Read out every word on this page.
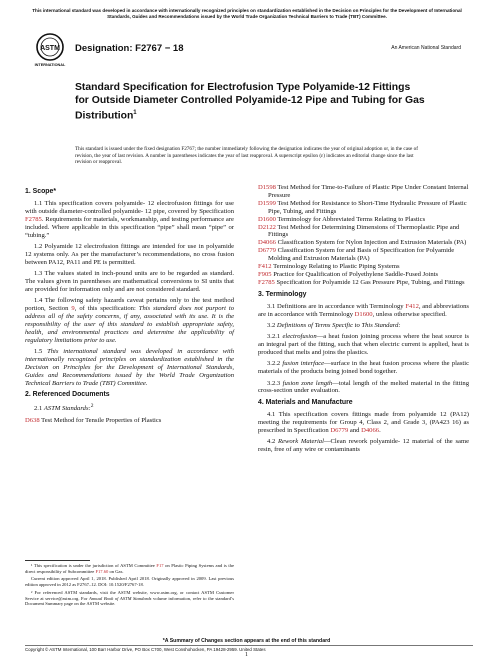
This international standard was developed in accordance with internationally recognized principles on standardization established in the Decision on Principles for the Development of International Standards, Guides and Recommendations issued by the World Trade Organization Technical Barriers to Trade (TBT) Committee.
ASTM
INTERNATIONAL
Designation: F2767 − 18	An American National Standard
Standard Specification for Electrofusion Type Polyamide-12 Fittings for Outside Diameter Controlled Polyamide-12 Pipe and Tubing for Gas Distribution$^1$
This standard is issued under the fixed designation F2767; the number immediately following the designation indicates the year of original adoption or, in the case of revision, the year of last revision. A number in parentheses indicates the year of last reapproval. A superscript epsilon (ε) indicates an editorial change since the last revision or reapproval.
1. Scope*

1.1 This specification covers polyamide- 12 electrofusion fittings for use with outside diameter-controlled polyamide- 12 pipe, covered by Specification F2785. Requirements for materials, workmanship, and testing performance are included. Where applicable in this specification “pipe” shall mean “pipe” or “tubing.”

1.2 Polyamide 12 electrofusion fittings are intended for use in polyamide 12 systems only. As per the manufacturer’s recommendations, no cross fusion between PA12, PA11 and PE is permitted.

1.3 The values stated in inch-pound units are to be regarded as standard. The values given in parentheses are mathematical conversions to SI units that are provided for information only and are not considered standard.

1.4 The following safety hazards caveat pertains only to the test method portion, Section 9, of this specification: This standard does not purport to address all of the safety concerns, if any, associated with its use. It is the responsibility of the user of this standard to establish appropriate safety, health, and environmental practices and determine the applicability of regulatory limitations prior to use.

1.5 This international standard was developed in accordance with internationally recognized principles on standardization established in the Decision on Principles for the Development of International Standards, Guides and Recommendations issued by the World Trade Organization Technical Barriers to Trade (TBT) Committee.

2. Referenced Documents

2.1 ASTM Standards:$^2$

D638 Test Method for Tensile Properties of Plastics

D1598 Test Method for Time-to-Failure of Plastic Pipe Under Constant Internal Pressure

D1599 Test Method for Resistance to Short-Time Hydraulic Pressure of Plastic Pipe, Tubing, and Fittings

D1600 Terminology for Abbreviated Terms Relating to Plastics

D2122 Test Method for Determining Dimensions of Thermoplastic Pipe and Fittings

D4066 Classification System for Nylon Injection and Extrusion Materials (PA)

D6779 Classification System for and Basis of Specification for Polyamide Molding and Extrusion Materials (PA)

F412 Terminology Relating to Plastic Piping Systems

F905 Practice for Qualification of Polyethylene Saddle-Fused Joints

F2785 Specification for Polyamide 12 Gas Pressure Pipe, Tubing, and Fittings

3. Terminology

3.1 Definitions are in accordance with Terminology F412, and abbreviations are in accordance with Terminology D1600, unless otherwise specified.

3.2 Definitions of Terms Specific to This Standard:

3.2.1 electrofusion—a heat fusion joining process where the heat source is an integral part of the fitting, such that when electric current is applied, heat is produced that melts and joins the plastics.

3.2.2 fusion interface—surface in the heat fusion process where the plastic materials of the products being joined bond together.

3.2.3 fusion zone length—total length of the melted material in the fitting cross-section under evaluation.

4. Materials and Manufacture

4.1 This specification covers fittings made from polyamide 12 (PA12) meeting the requirements for Group 4, Class 2, and Grade 3, (PA423 16) as prescribed in Specification D6779 and D4066.

4.2 Rework Material—Clean rework polyamide- 12 material of the same resin, free of any wire or contaminants

¹ This specification is under the jurisdiction of ASTM Committee F17 on Plastic Piping Systems and is the direct responsibility of Subcommittee F17.60 on Gas.

Current edition approved April 1, 2018. Published April 2018. Originally approved in 2009. Last previous edition approved in 2012 as F2767–12. DOI: 10.1520/F2767-18.

² For referenced ASTM standards, visit the ASTM website, www.astm.org, or contact ASTM Customer Service at service@astm.org. For Annual Book of ASTM Standards volume information, refer to the standard’s Document Summary page on the ASTM website.

*A Summary of Changes section appears at the end of this standard
Copyright © ASTM International, 100 Barr Harbor Drive, PO Box C700, West Conshohocken, PA 19428-2959. United States
1
